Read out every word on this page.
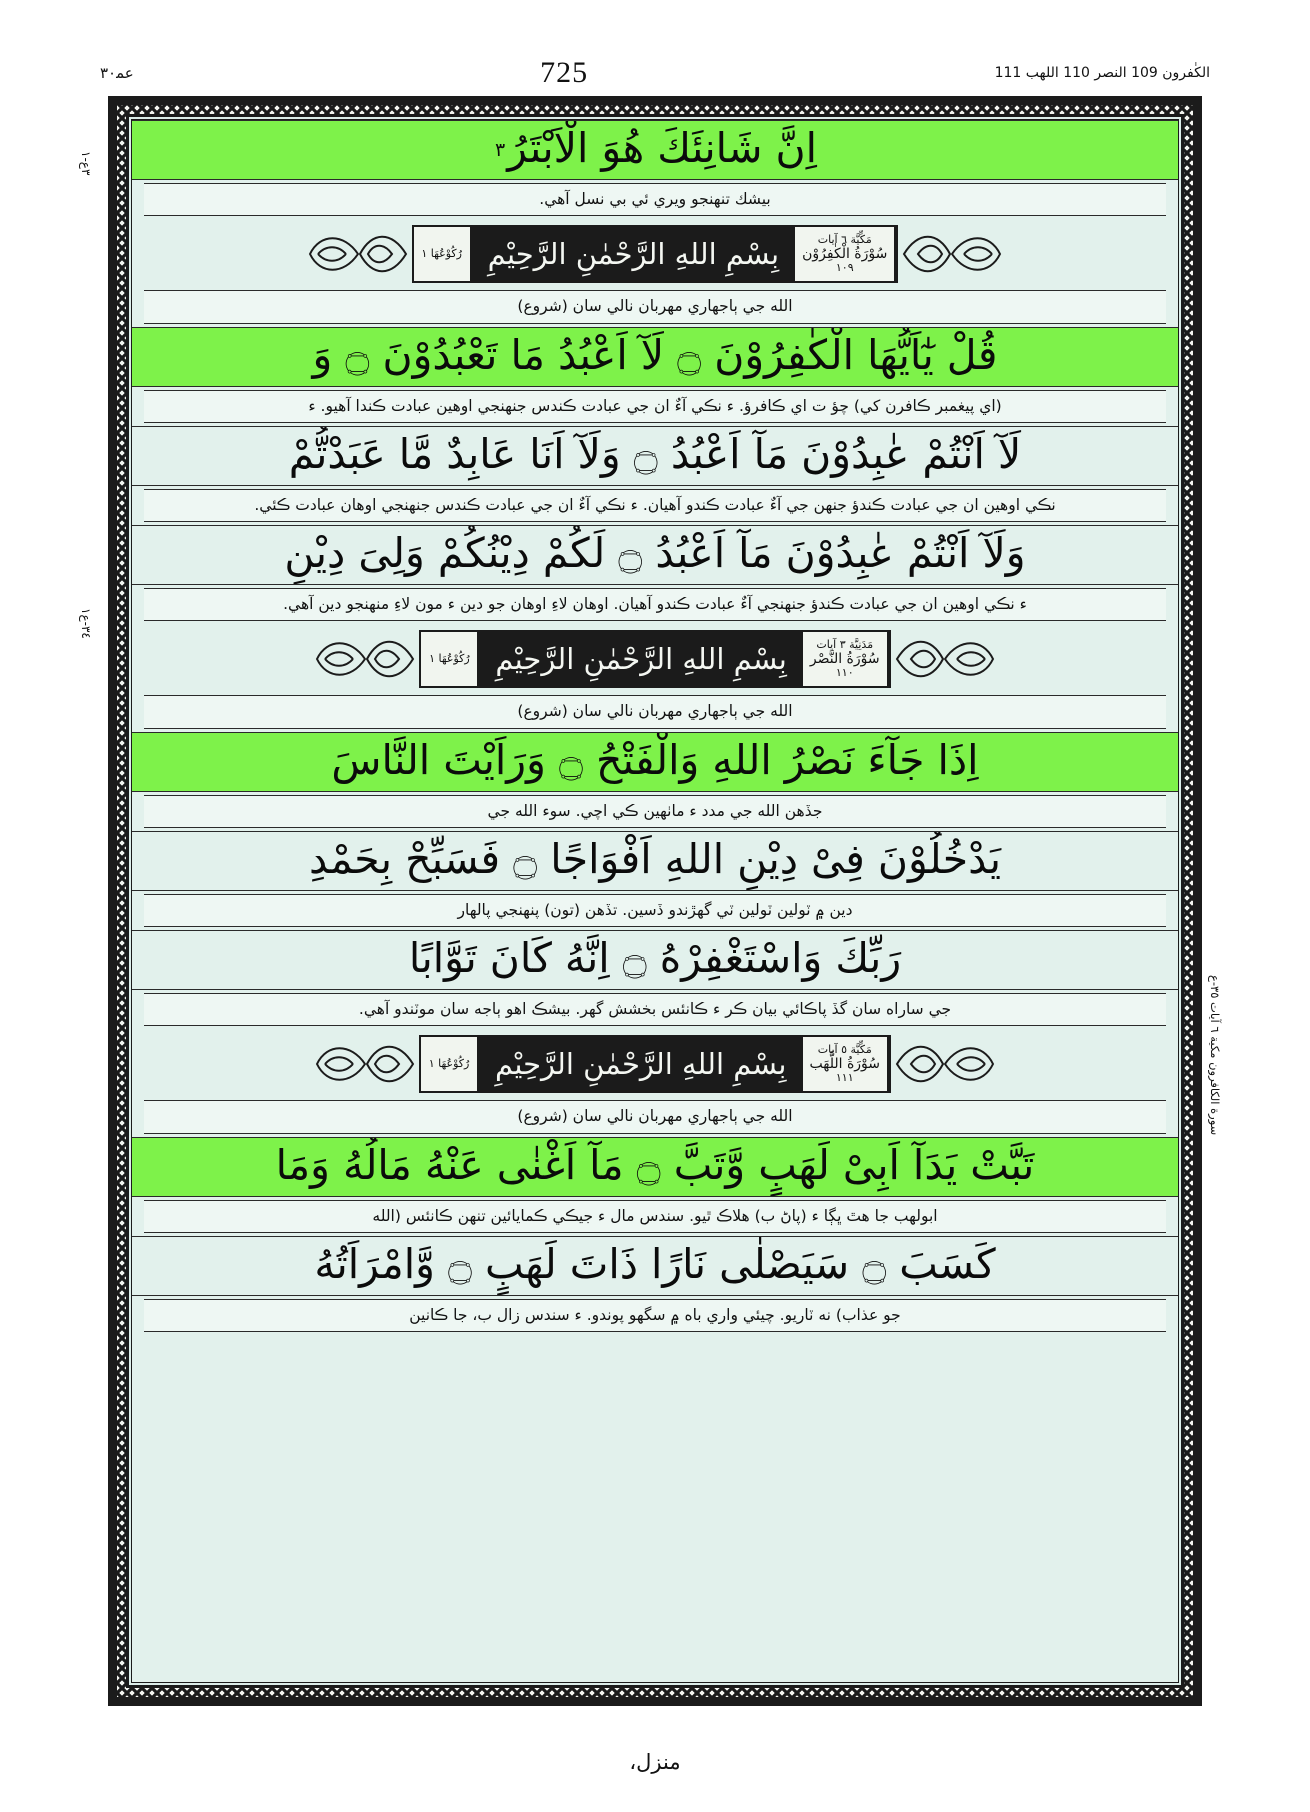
الكٰفرون 109 النصر 110 اللهب 111
725
عم‍٣٠
٣ع-١
٣٤-ع١
سورة الكافرون مكية ٦ آيات ٣٥-ع
اِنَّ شَانِئَكَ هُوَ الْاَبْتَرُ٣
بيشك تنهنجو ويري ئي بي نسل آهي.
مَكِّيَّة ٦ آيات
سُوْرَةُ الْكٰفِرُوْن
١٠٩
بِسْمِ اللهِ الرَّحْمٰنِ الرَّحِيْمِ
رُكُوْعُهَا ١
الله جي ٻاجهاري مهربان نالي سان (شروع)
قُلْ يٰٓاَيُّهَا الْكٰفِرُوْنَ ۝ لَآ اَعْبُدُ مَا تَعْبُدُوْنَ ۝ وَ
(اي پيغمبر ڪافرن کي) چؤ ت اي ڪافرؤ. ء نڪي آءٌ ان جي عبادت ڪندس جنهنجي اوهين عبادت ڪندا آهيو. ء
لَآ اَنْتُمْ عٰبِدُوْنَ مَآ اَعْبُدُ ۝ وَلَآ اَنَا عَابِدٌ مَّا عَبَدْتُّمْ
نڪي اوهين ان جي عبادت ڪندؤ جنهن جي آءٌ عبادت ڪندو آهيان. ء نڪي آءٌ ان جي عبادت ڪندس جنهنجي اوهان عبادت ڪئي.
وَلَآ اَنْتُمْ عٰبِدُوْنَ مَآ اَعْبُدُ ۝ لَكُمْ دِيْنُكُمْ وَلِىَ دِيْنِ
ء نڪي اوهين ان جي عبادت ڪندؤ جنهنجي آءٌ عبادت ڪندو آهيان. اوهان لاءِ اوهان جو دين ء مون لاءِ منهنجو دين آهي.
مَدَنِيَّة ٣ آيات
سُوْرَةُ النَّصْر
١١٠
بِسْمِ اللهِ الرَّحْمٰنِ الرَّحِيْمِ
رُكُوْعُهَا ١
الله جي ٻاجهاري مهربان نالي سان (شروع)
اِذَا جَآءَ نَصْرُ اللهِ وَالْفَتْحُ ۝ وَرَاَيْتَ النَّاسَ
جڏهن الله جي مدد ء ماٺهين ڪي اچي. سوء الله جي
يَدْخُلُوْنَ فِىْ دِيْنِ اللهِ اَفْوَاجًا ۝ فَسَبِّحْ بِحَمْدِ
دين ۾ ٽولين ٽولين ٽي گهڙندو ڏسين. تڏهن (تون) پنهنجي پالهار
رَبِّكَ وَاسْتَغْفِرْهُ ۝ اِنَّهُ كَانَ تَوَّابًا
جي ساراه سان گڏ پاڪائي بيان ڪر ء ڪانئس بخشش گهر. بيشڪ اهو ٻاجه سان موٽندو آهي.
مَكِّيَّة ٥ آيات
سُوْرَةُ اللَّهَب
١١١
بِسْمِ اللهِ الرَّحْمٰنِ الرَّحِيْمِ
رُكُوْعُهَا ١
الله جي ٻاجهاري مهربان نالي سان (شروع)
تَبَّتْ يَدَآ اَبِىْ لَهَبٍ وَّتَبَّ ۝ مَآ اَغْنٰى عَنْهُ مَالُهُ وَمَا
ابولهب جا هٿ ڀڳا ء (پاڻ ب) هلاڪ ٿيو. سندس مال ء جيڪي ڪمايائين تنهن ڪانئس (الله
كَسَبَ ۝ سَيَصْلٰى نَارًا ذَاتَ لَهَبٍ ۝ وَّامْرَاَتُهُ
جو عذاب) نه ٽاريو. چيئي واري باه ۾ سگهو پوندو. ء سندس زال ب، جا ڪانين
منزل،
